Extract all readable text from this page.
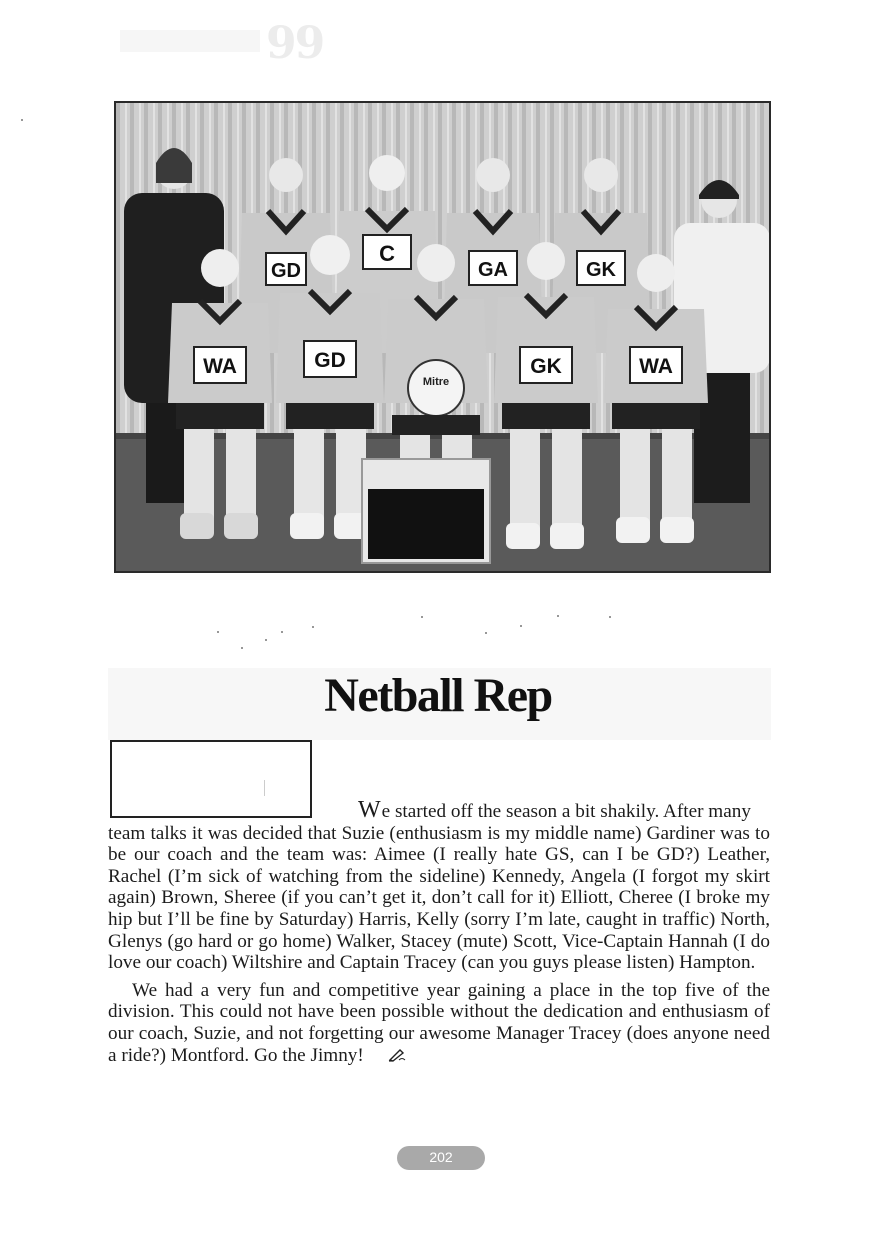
99
GD
C
GA	GK
WA	GD
Mitre
GK	WA
Netball Rep

We started off the season a bit shakily. After many
team talks it was decided that Suzie (enthusiasm is my middle name) Gardiner was to be our coach and the team was: Aimee (I really hate GS, can I be GD?) Leather, Rachel (I’m sick of watching from the sideline) Kennedy, Angela (I forgot my skirt again) Brown, Sheree (if you can’t get it, don’t call for it) Elliott, Cheree (I broke my hip but I’ll be fine by Saturday) Harris, Kelly (sorry I’m late, caught in traffic) North, Glenys (go hard or go home) Walker, Stacey (mute) Scott, Vice-Captain Hannah (I do love our coach) Wiltshire and Captain Tracey (can you guys please listen) Hampton.

We had a very fun and competitive year gaining a place in the top five of the division. This could not have been possible without the dedication and enthusiasm of our coach, Suzie, and not forgetting our awesome Manager Tracey (does anyone need a ride?) Montford. Go the Jimny!

202
